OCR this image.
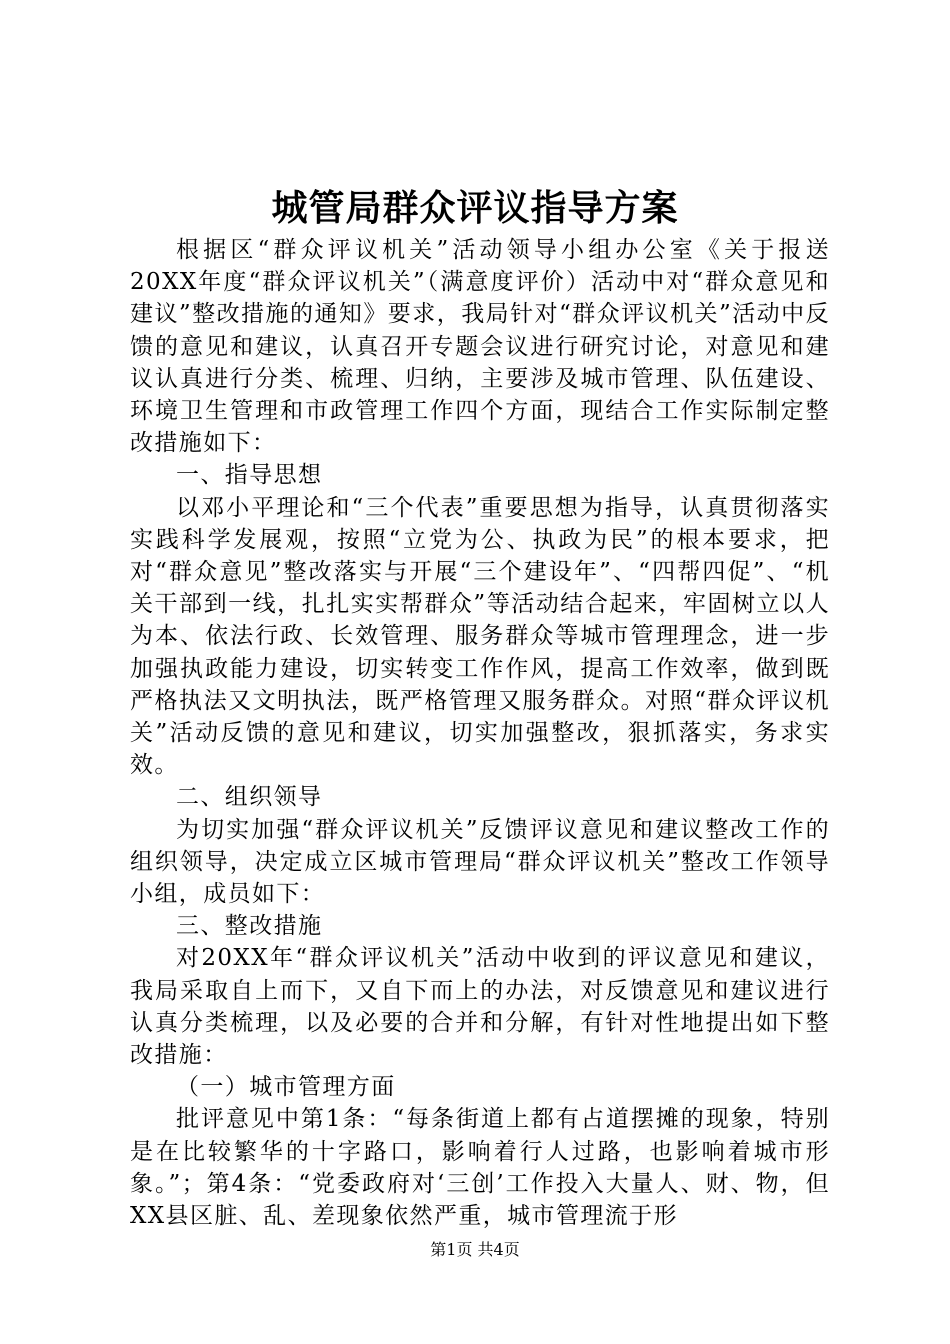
城管局群众评议指导方案

根据区“群众评议机关”活动领导小组办公室《关于报送20XX年度“群众评议机关”（满意度评价）活动中对“群众意见和建议”整改措施的通知》要求，我局针对“群众评议机关”活动中反馈的意见和建议，认真召开专题会议进行研究讨论，对意见和建议认真进行分类、梳理、归纳，主要涉及城市管理、队伍建设、环境卫生管理和市政管理工作四个方面，现结合工作实际制定整改措施如下：

一、指导思想

以邓小平理论和“三个代表”重要思想为指导，认真贯彻落实实践科学发展观，按照“立党为公、执政为民”的根本要求，把对“群众意见”整改落实与开展“三个建设年”、“四帮四促”、“机关干部到一线，扎扎实实帮群众”等活动结合起来，牢固树立以人为本、依法行政、长效管理、服务群众等城市管理理念，进一步加强执政能力建设，切实转变工作作风，提高工作效率，做到既严格执法又文明执法，既严格管理又服务群众。对照“群众评议机关”活动反馈的意见和建议，切实加强整改，狠抓落实，务求实效。

二、组织领导

为切实加强“群众评议机关”反馈评议意见和建议整改工作的组织领导，决定成立区城市管理局“群众评议机关”整改工作领导小组，成员如下：

三、整改措施

对20XX年“群众评议机关”活动中收到的评议意见和建议，我局采取自上而下，又自下而上的办法，对反馈意见和建议进行认真分类梳理，以及必要的合并和分解，有针对性地提出如下整改措施：

（一）城市管理方面

批评意见中第1条：“每条街道上都有占道摆摊的现象，特别是在比较繁华的十字路口，影响着行人过路，也影响着城市形象。”；第4条：“党委政府对‘三创’工作投入大量人、财、物，但XX县区脏、乱、差现象依然严重，城市管理流于形

第1页 共4页
